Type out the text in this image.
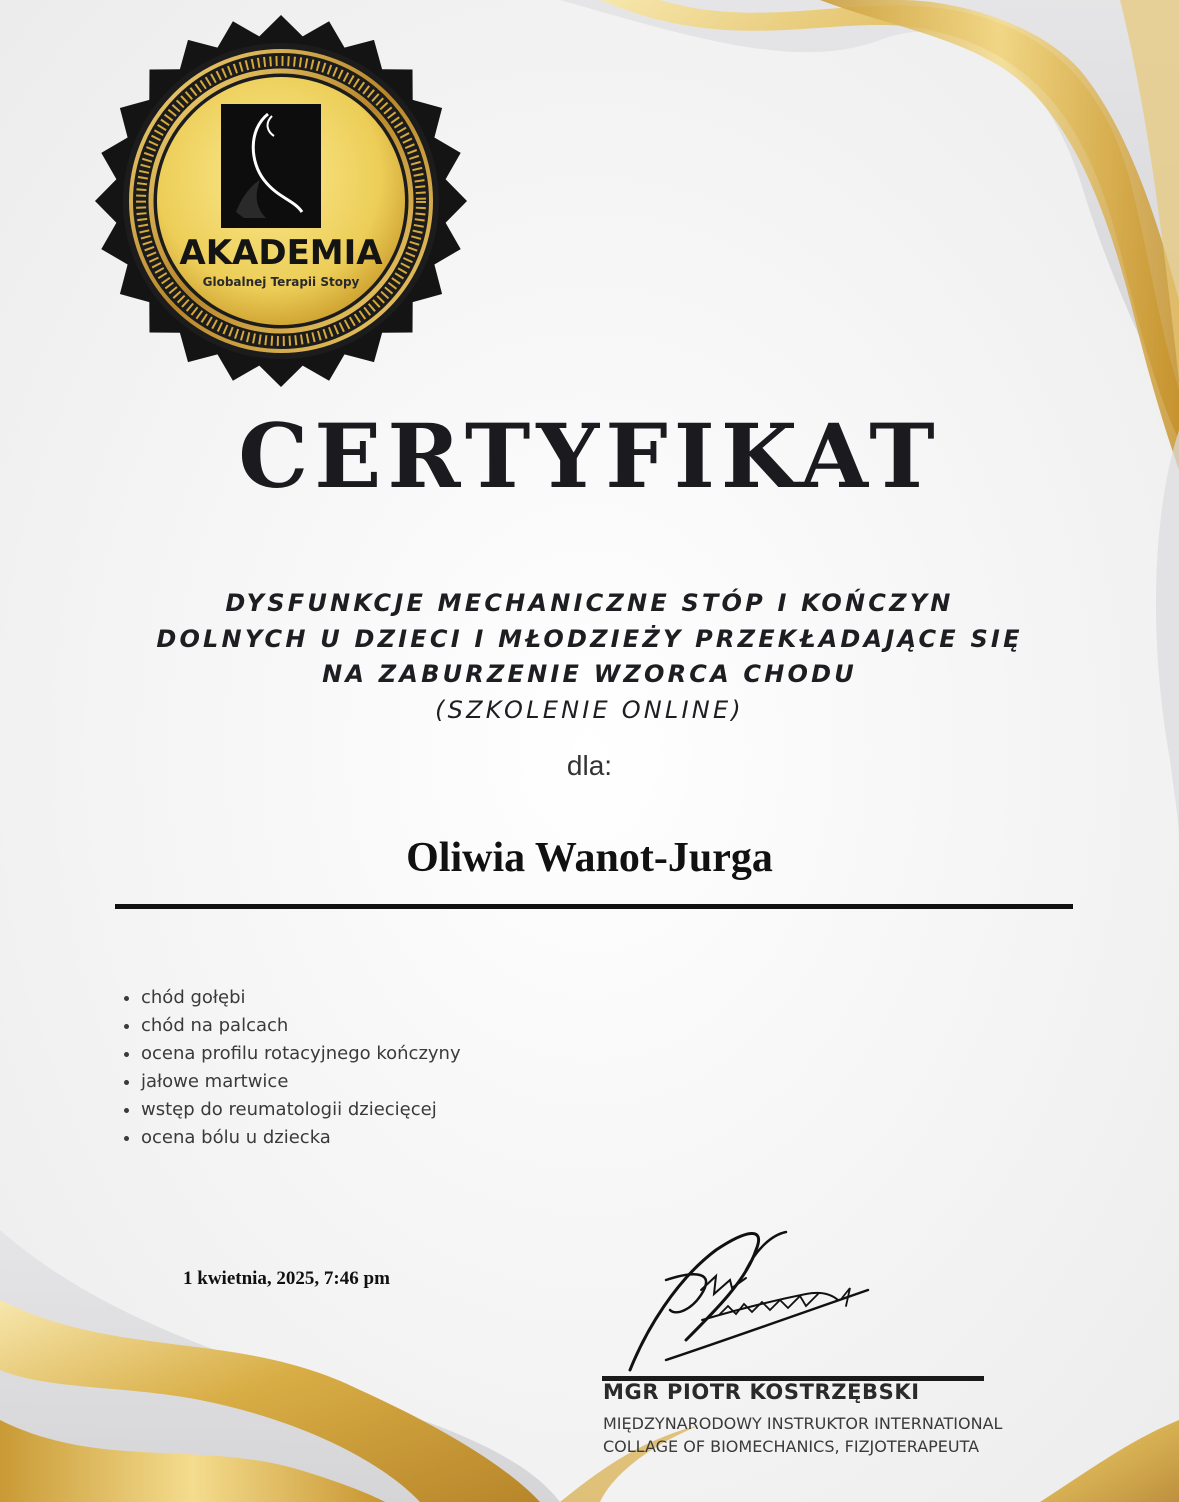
AKADEMIA
Globalnej Terapii Stopy
CERTYFIKAT
DYSFUNKCJE MECHANICZNE STÓP I KOŃCZYN
DOLNYCH U DZIECI I MŁODZIEŻY PRZEKŁADAJĄCE SIĘ
NA ZABURZENIE WZORCA CHODU
(SZKOLENIE ONLINE)
dla:
Oliwia Wanot-Jurga
• chód gołębi
• chód na palcach
• ocena profilu rotacyjnego kończyny
• jałowe martwice
• wstęp do reumatologii dziecięcej
• ocena bólu u dziecka
1 kwietnia, 2025, 7:46 pm
MGR PIOTR KOSTRZĘBSKI
MIĘDZYNARODOWY INSTRUKTOR INTERNATIONAL
COLLAGE OF BIOMECHANICS, FIZJOTERAPEUTA
